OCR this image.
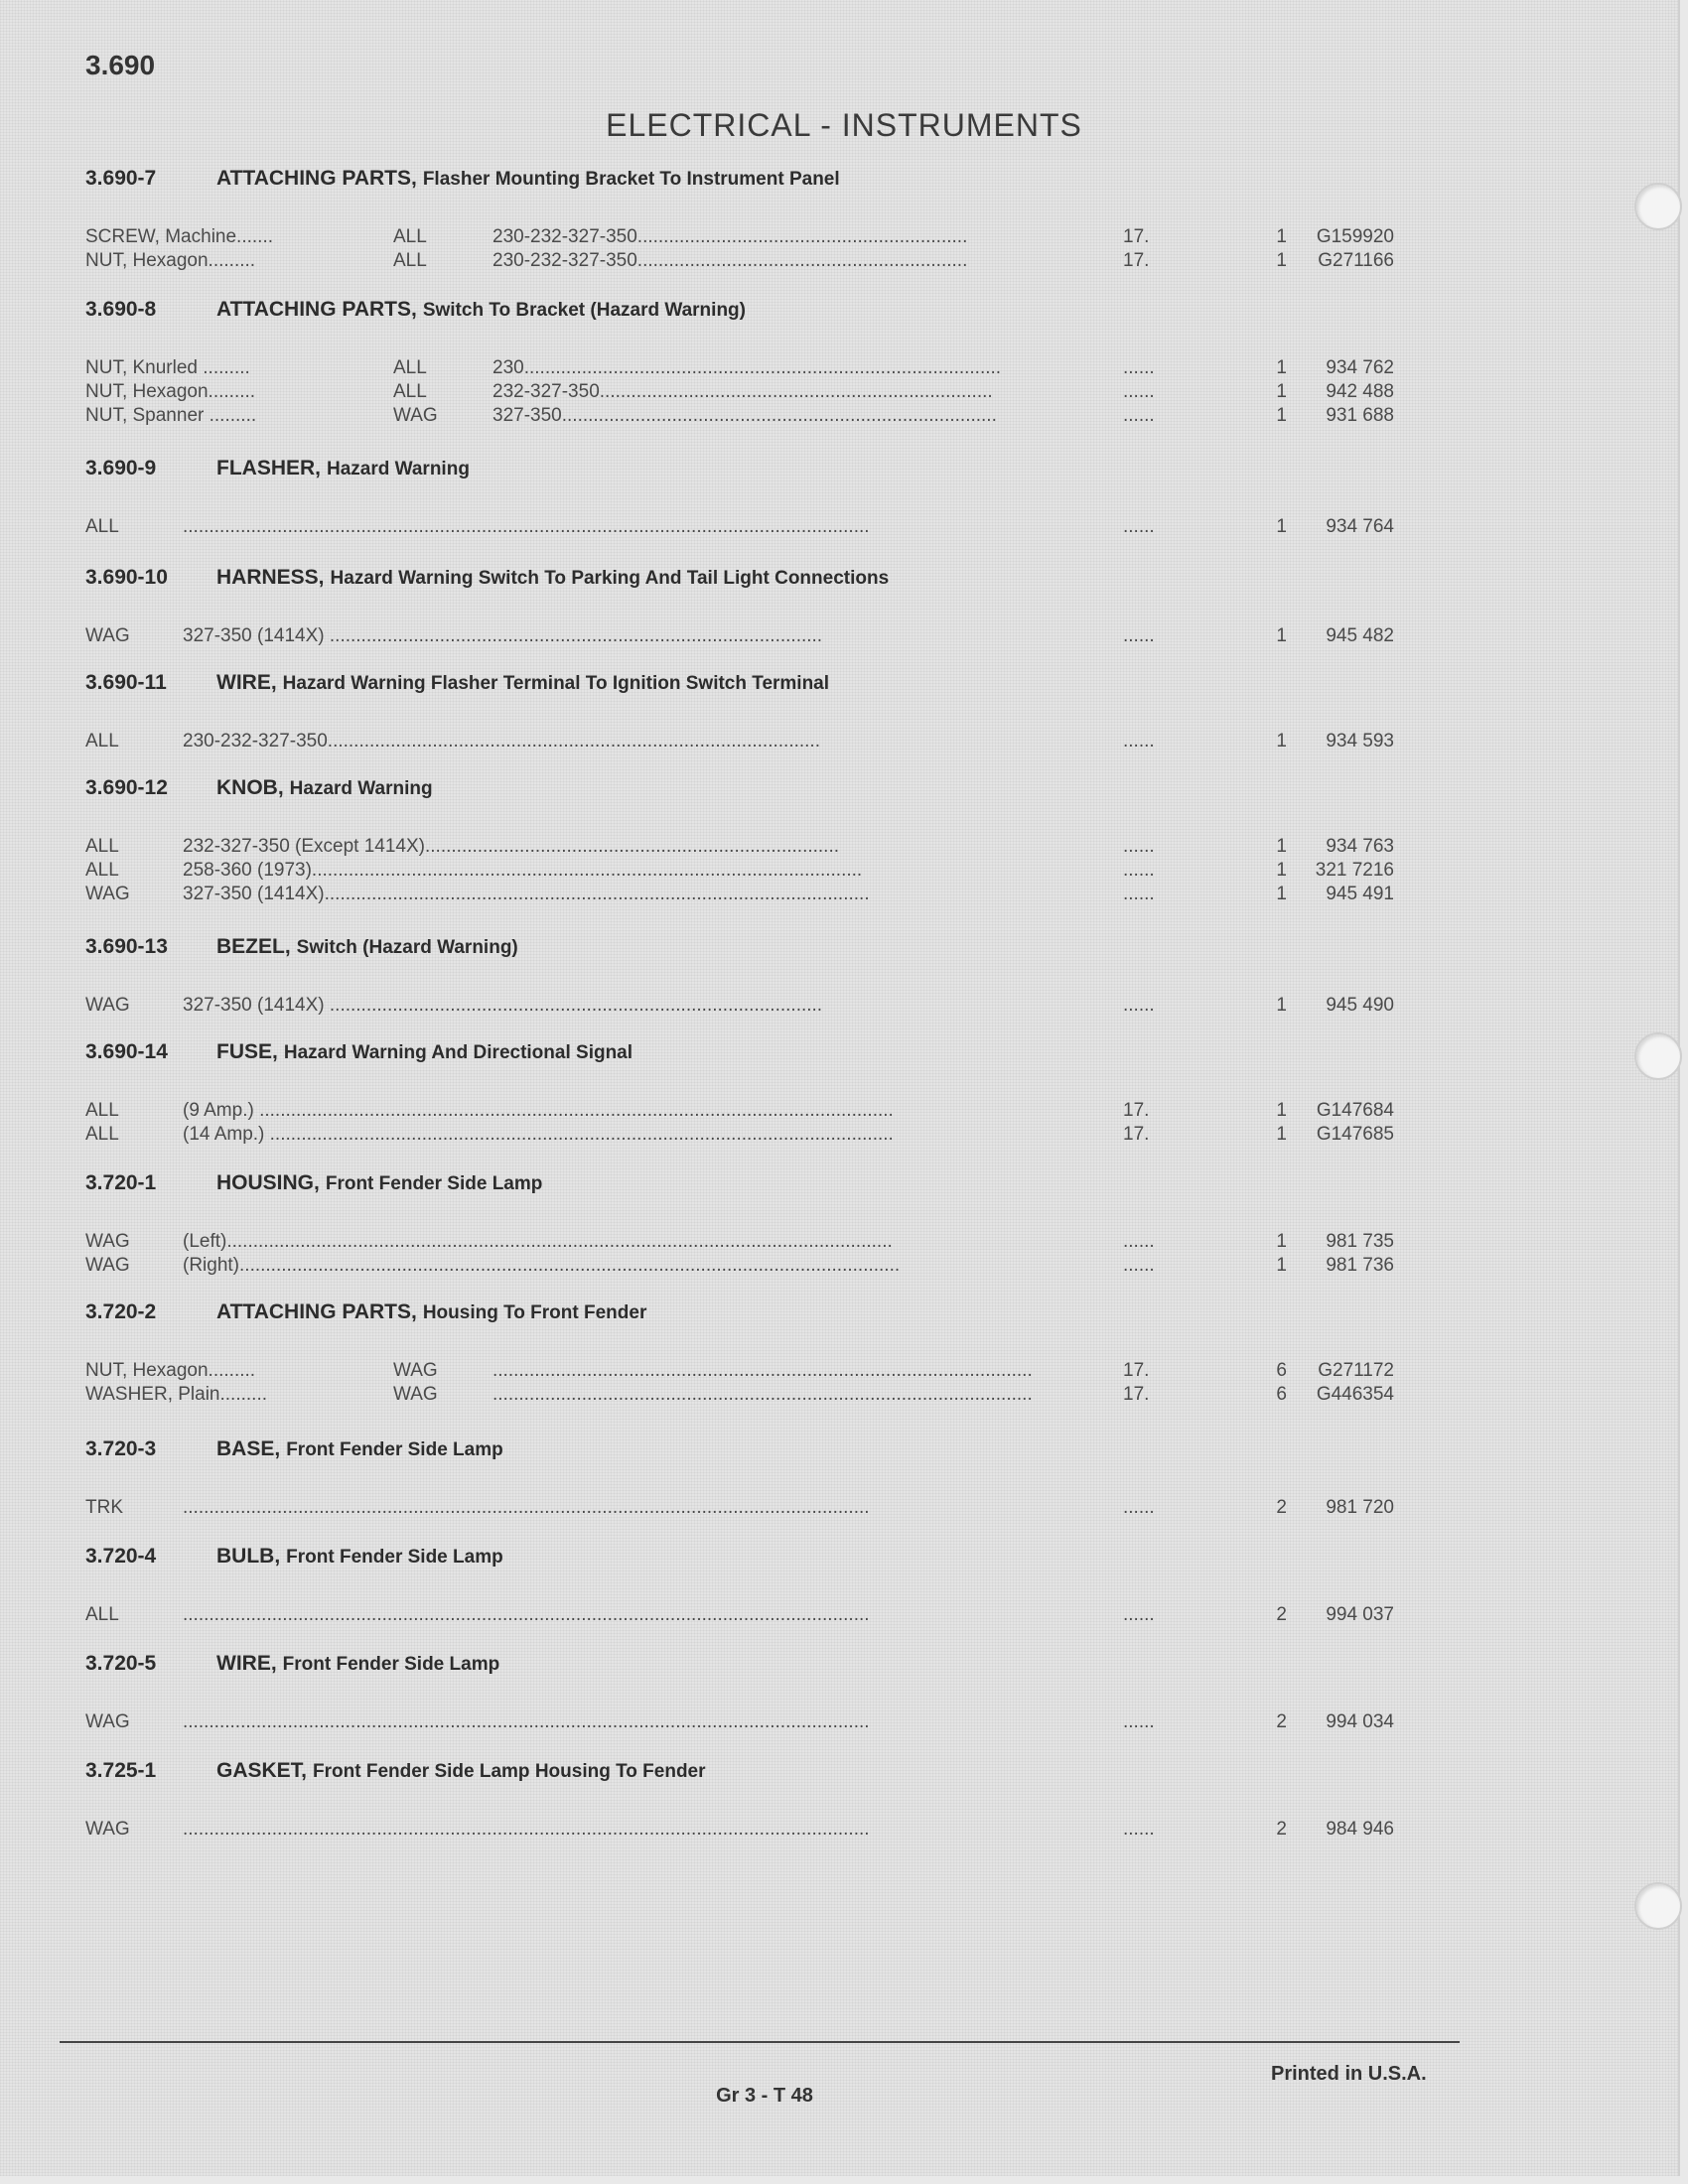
3.690
ELECTRICAL - INSTRUMENTS
3.690-7	ATTACHING PARTS, Flasher Mounting Bracket To Instrument Panel
SCREW, Machine.......	ALL	230-232-327-350...............................................................	17.	1	G159920
NUT, Hexagon.........	ALL	230-232-327-350...............................................................	17.	1	G271166
3.690-8	ATTACHING PARTS, Switch To Bracket (Hazard Warning)
NUT, Knurled .........	ALL	230...........................................................................................	......	1	934 762
NUT, Hexagon.........	ALL	232-327-350...........................................................................	......	1	942 488
NUT, Spanner .........	WAG	327-350...................................................................................	......	1	931 688
3.690-9	FLASHER, Hazard Warning
ALL	...................................................................................................................................	......	1	934 764
3.690-10 HARNESS, Hazard Warning Switch To Parking And Tail Light Connections
WAG	327-350 (1414X) ..............................................................................................	......	1	945 482
3.690-11 WIRE, Hazard Warning Flasher Terminal To Ignition Switch Terminal
ALL	230-232-327-350..............................................................................................	......	1	934 593
3.690-12 KNOB, Hazard Warning
ALL	232-327-350 (Except 1414X)...............................................................................	......	1	934 763
ALL	258-360 (1973).........................................................................................................	......	1	321 7216
WAG	327-350 (1414X)........................................................................................................	......	1	945 491
3.690-13 BEZEL, Switch (Hazard Warning)
WAG	327-350 (1414X) ..............................................................................................	......	1	945 490
3.690-14 FUSE, Hazard Warning And Directional Signal
ALL	(9 Amp.) .........................................................................................................................	17.	1	G147684
ALL	(14 Amp.) .......................................................................................................................	17.	1	G147685
3.720-1	HOUSING, Front Fender Side Lamp
WAG	(Left)...............................................................................................................................	......	1	981 735
WAG	(Right)..............................................................................................................................	......	1	981 736
3.720-2	ATTACHING PARTS, Housing To Front Fender
NUT, Hexagon.........	WAG	.......................................................................................................	17.	6	G271172
WASHER, Plain.........	WAG	.......................................................................................................	17.	6	G446354
3.720-3	BASE, Front Fender Side Lamp
TRK	...................................................................................................................................	......	2	981 720
3.720-4	BULB, Front Fender Side Lamp
ALL	...................................................................................................................................	......	2	994 037
3.720-5	WIRE, Front Fender Side Lamp
WAG	...................................................................................................................................	......	2	994 034
3.725-1	GASKET, Front Fender Side Lamp Housing To Fender
WAG	...................................................................................................................................	......	2	984 946
Gr 3 - T 48
Printed in U.S.A.
